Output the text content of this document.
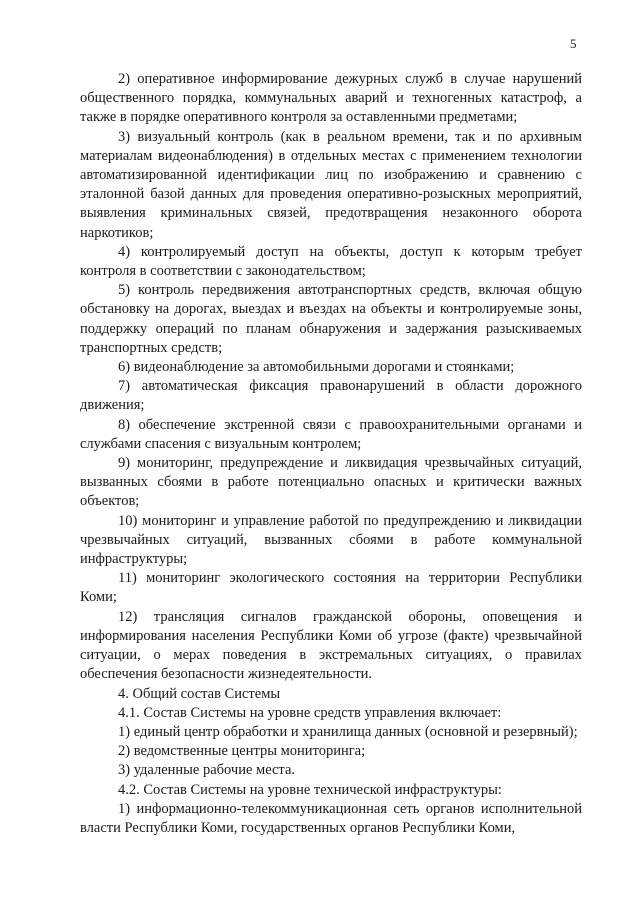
5

2) оперативное информирование дежурных служб в случае нарушений общественного порядка, коммунальных аварий и техногенных катастроф, а также в порядке оперативного контроля за оставленными предметами;

3) визуальный контроль (как в реальном времени, так и по архивным материалам видеонаблюдения) в отдельных местах с применением технологии автоматизированной идентификации лиц по изображению и сравнению с эталонной базой данных для проведения оперативно-розыскных мероприятий, выявления криминальных связей, предотвращения незаконного оборота наркотиков;

4) контролируемый доступ на объекты, доступ к которым требует контроля в соответствии с законодательством;

5) контроль передвижения автотранспортных средств, включая общую обстановку на дорогах, выездах и въездах на объекты и контролируемые зоны, поддержку операций по планам обнаружения и задержания разыскиваемых транспортных средств;

6) видеонаблюдение за автомобильными дорогами и стоянками;

7) автоматическая фиксация правонарушений в области дорожного движения;

8) обеспечение экстренной связи с правоохранительными органами и службами спасения с визуальным контролем;

9) мониторинг, предупреждение и ликвидация чрезвычайных ситуаций, вызванных сбоями в работе потенциально опасных и критически важных объектов;

10) мониторинг и управление работой по предупреждению и ликвидации чрезвычайных ситуаций, вызванных сбоями в работе коммунальной инфраструктуры;

11) мониторинг экологического состояния на территории Республики Коми;

12) трансляция сигналов гражданской обороны, оповещения и информирования населения Республики Коми об угрозе (факте) чрезвычайной ситуации, о мерах поведения в экстремальных ситуациях, о правилах обеспечения безопасности жизнедеятельности.

4. Общий состав Системы

4.1. Состав Системы на уровне средств управления включает:

1) единый центр обработки и хранилища данных (основной и резервный);

2) ведомственные центры мониторинга;

3) удаленные рабочие места.

4.2. Состав Системы на уровне технической инфраструктуры:

1) информационно-телекоммуникационная сеть органов исполнительной власти Республики Коми, государственных органов Республики Коми,
